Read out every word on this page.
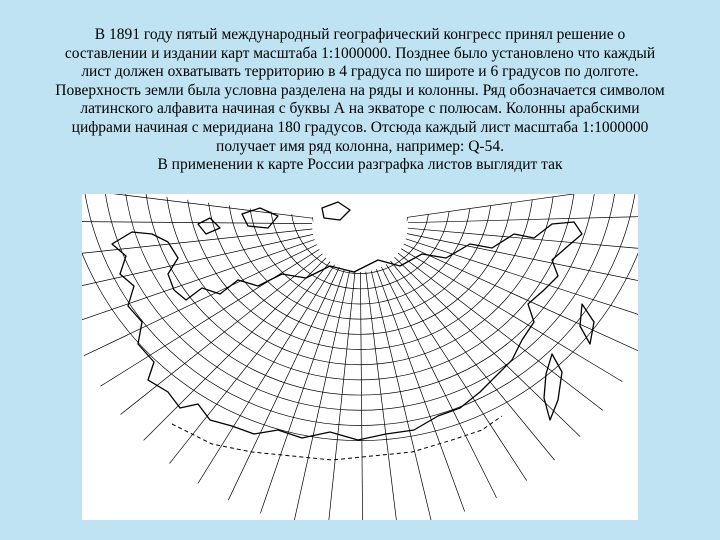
В 1891 году пятый международный географический конгресс принял решение о
составлении и издании карт масштаба 1:1000000. Позднее было установлено что каждый
лист должен охватывать территорию в 4 градуса по широте и 6 градусов по долготе.
Поверхность земли была условна разделена на ряды и колонны. Ряд обозначается символом
латинского алфавита начиная с буквы А на экваторе с полюсам. Колонны арабскими
цифрами начиная с меридиана 180 градусов. Отсюда каждый лист масштаба 1:1000000
получает имя ряд колонна, например: Q-54.
В применении к карте России разграфка листов выглядит так
